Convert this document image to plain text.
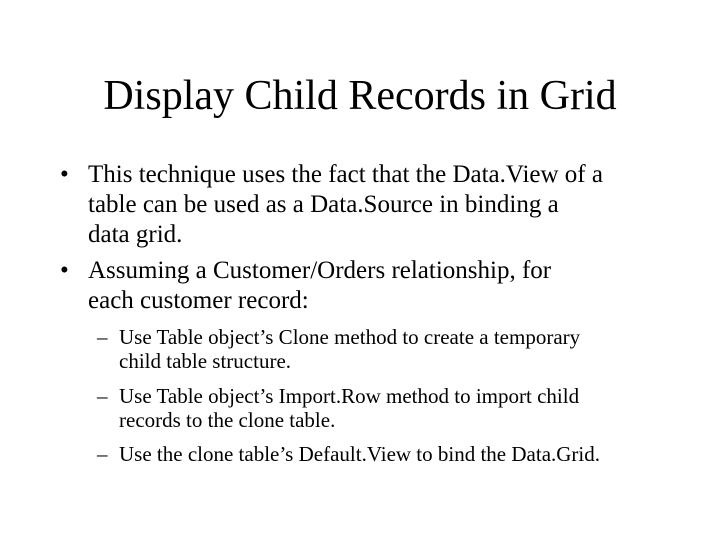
Display Child Records in Grid
• This technique uses the fact that the Data.View of a
table can be used as a Data.Source in binding a
data grid.
• Assuming a Customer/Orders relationship, for
each customer record:
– Use Table object’s Clone method to create a temporary
child table structure.
– Use Table object’s Import.Row method to import child
records to the clone table.
– Use the clone table’s Default.View to bind the Data.Grid.
